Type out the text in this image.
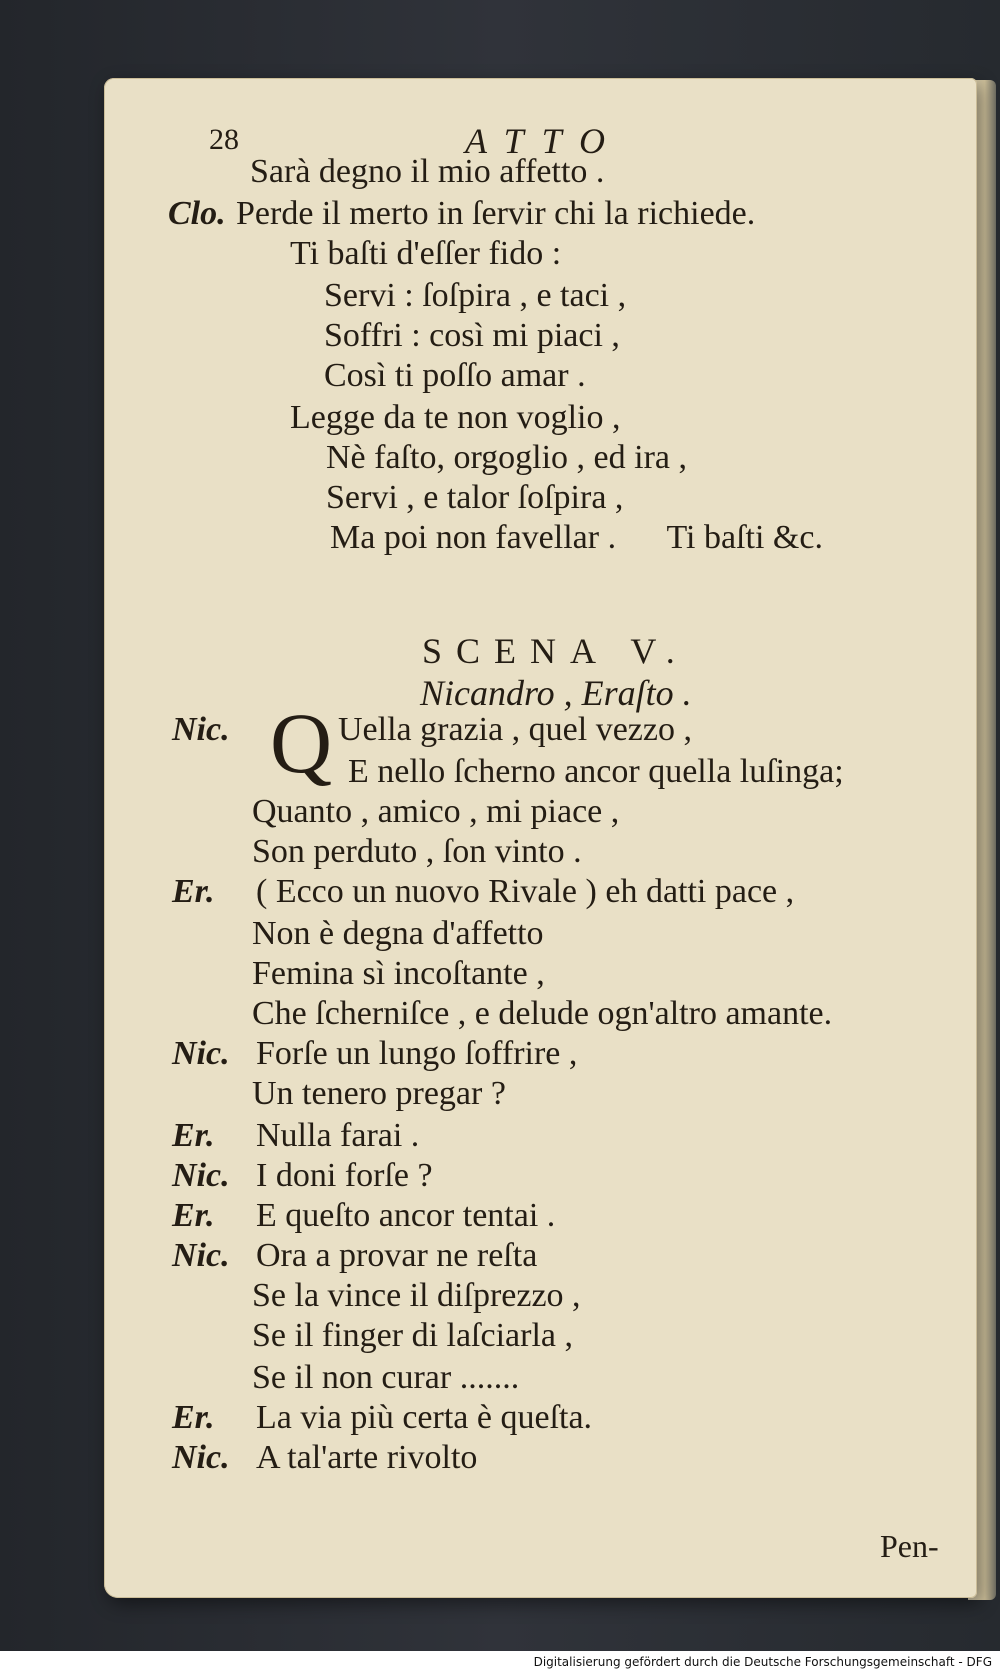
28	ATTO
Sarà degno il mio affetto .
Clo. Perde il merto in ſervir chi la richiede.
Ti baſti d'eſſer fido :
Servi : ſoſpira , e taci ,
Soffri : così mi piaci ,
Così ti poſſo amar .
Legge da te non voglio ,
Nè faſto, orgoglio , ed ira ,
Servi , e talor ſoſpira ,
Ma poi non favellar .      Ti baſti &c.
SCENA V.
Nicandro , Eraſto .
Q
Nic.	Uella grazia , quel vezzo ,
E nello ſcherno ancor quella luſinga;
Quanto , amico , mi piace ,
Son perduto , ſon vinto .
Er. ( Ecco un nuovo Rivale ) eh datti pace ,
Non è degna d'affetto
Femina sì incoſtante ,
Che ſcherniſce , e delude ogn'altro amante.
Nic. Forſe un lungo ſoffrire ,
Un tenero pregar ?
Er. Nulla farai .
Nic. I doni forſe ?
Er. E queſto ancor tentai .
Nic. Ora a provar ne reſta
Se la vince il diſprezzo ,
Se il finger di laſciarla ,
Se il non curar .......
Er. La via più certa è queſta.
Nic. A tal'arte rivolto
Pen-
Digitalisierung gefördert durch die Deutsche Forschungsgemeinschaft - DFG
